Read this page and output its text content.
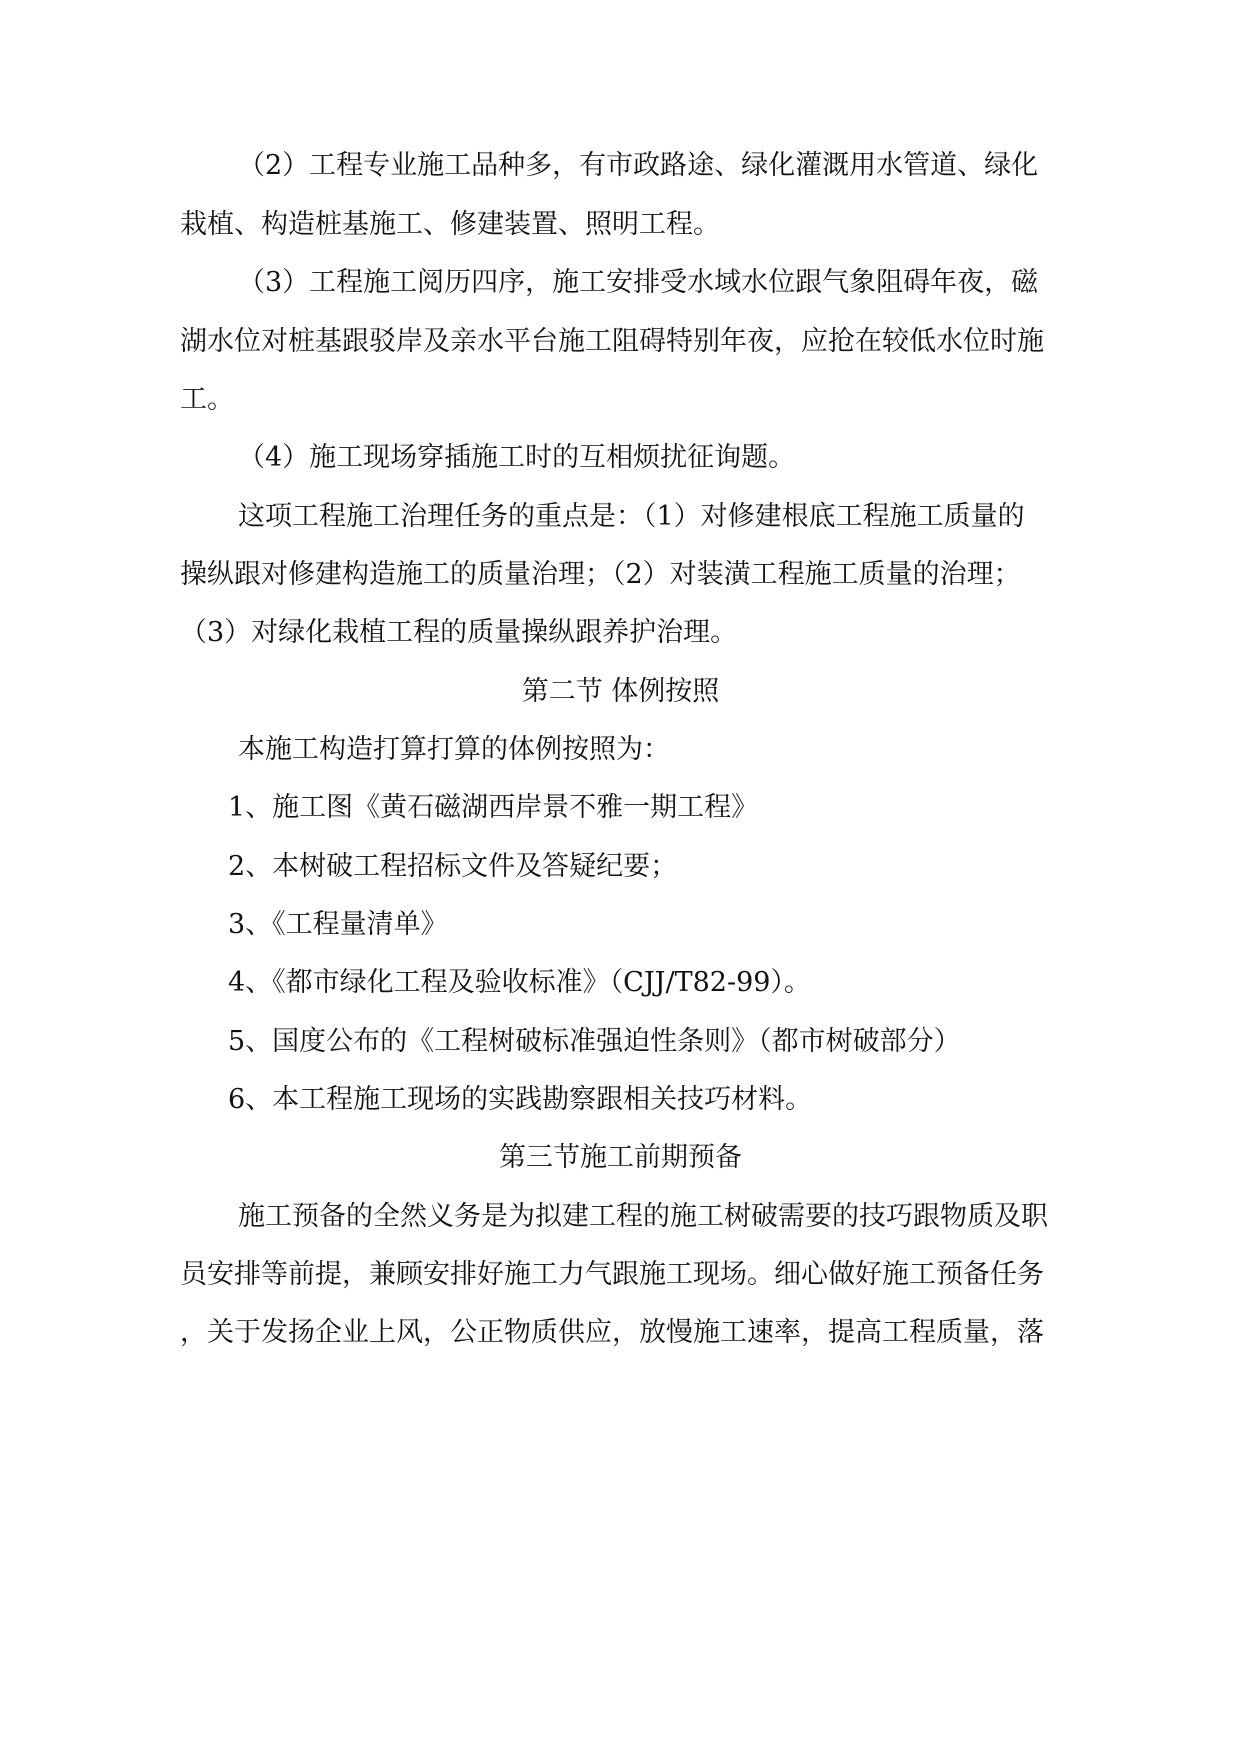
（2）工程专业施工品种多，有市政路途、绿化灌溉用水管道、绿化
栽植、构造桩基施工、修建装置、照明工程。
（3）工程施工阅历四序，施工安排受水域水位跟气象阻碍年夜，磁
湖水位对桩基跟驳岸及亲水平台施工阻碍特别年夜，应抢在较低水位时施
工。
（4）施工现场穿插施工时的互相烦扰征询题。
这项工程施工治理任务的重点是：（1）对修建根底工程施工质量的
操纵跟对修建构造施工的质量治理；（2）对装潢工程施工质量的治理；
（3）对绿化栽植工程的质量操纵跟养护治理。
第二节 体例按照
本施工构造打算打算的体例按照为：
1、施工图《黄石磁湖西岸景不雅一期工程》
2、本树破工程招标文件及答疑纪要；
3、《工程量清单》
4、《都市绿化工程及验收标准》（CJJ/T82-99）。
5、国度公布的《工程树破标准强迫性条则》（都市树破部分）
6、本工程施工现场的实践勘察跟相关技巧材料。
第三节施工前期预备
施工预备的全然义务是为拟建工程的施工树破需要的技巧跟物质及职
员安排等前提，兼顾安排好施工力气跟施工现场。细心做好施工预备任务
，关于发扬企业上风，公正物质供应，放慢施工速率，提高工程质量，落
